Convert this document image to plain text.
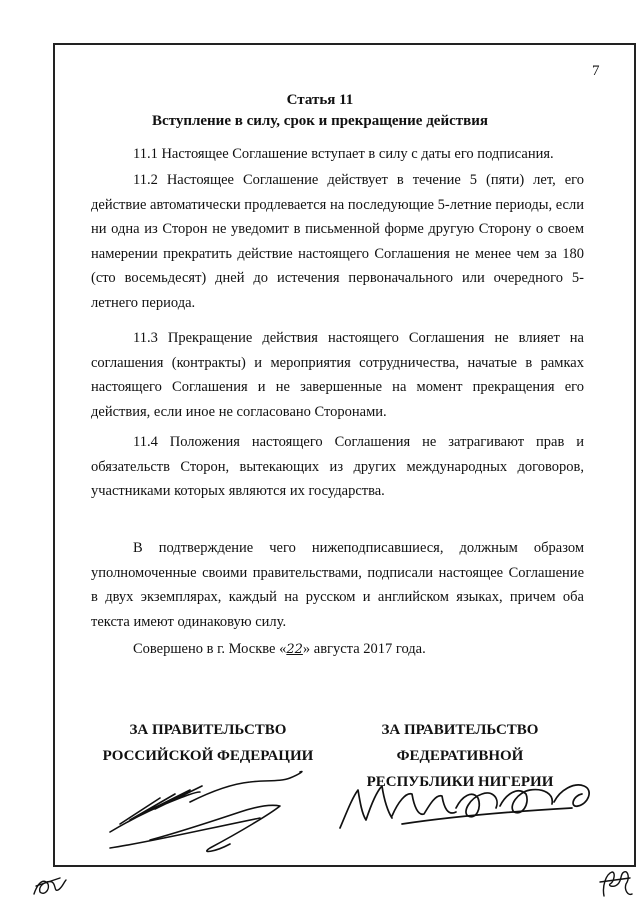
7
Статья 11
Вступление в силу, срок и прекращение действия

11.1 Настоящее Соглашение вступает в силу с даты его подписания.

11.2 Настоящее Соглашение действует в течение 5 (пяти) лет, его действие автоматически продлевается на последующие 5-летние периоды, если ни одна из Сторон не уведомит в письменной форме другую Сторону о своем намерении прекратить действие настоящего Соглашения не менее чем за 180 (сто восемьдесят) дней до истечения первоначального или очередного 5-летнего периода.

11.3 Прекращение действия настоящего Соглашения не влияет на соглашения (контракты) и мероприятия сотрудничества, начатые в рамках настоящего Соглашения и не завершенные на момент прекращения его действия, если иное не согласовано Сторонами.

11.4 Положения настоящего Соглашения не затрагивают прав и обязательств Сторон, вытекающих из других международных договоров, участниками которых являются их государства.

В подтверждение чего нижеподписавшиеся, должным образом уполномоченные своими правительствами, подписали настоящее Соглашение в двух экземплярах, каждый на русском и английском языках, причем оба текста имеют одинаковую силу.

Совершено в г. Москве «22» августа 2017 года.

ЗА ПРАВИТЕЛЬСТВО
РОССИЙСКОЙ ФЕДЕРАЦИИ
ЗА ПРАВИТЕЛЬСТВО
ФЕДЕРАТИВНОЙ
РЕСПУБЛИКИ НИГЕРИИ
